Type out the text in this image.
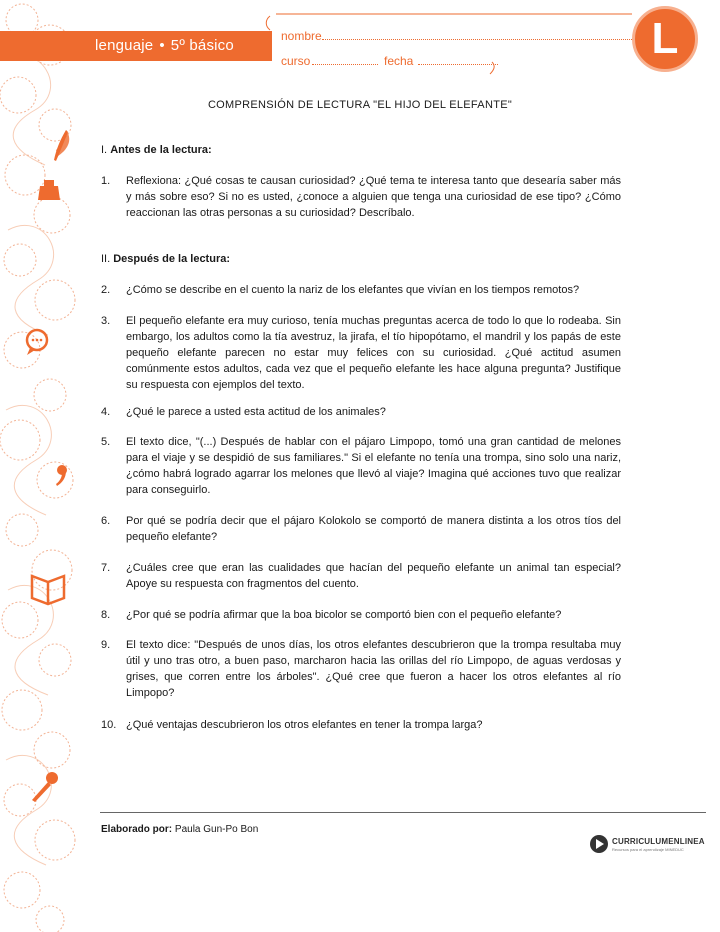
lenguaje • 5º básico
nombre
curso	fecha	L
COMPRENSIÓN DE LECTURA "EL HIJO DEL ELEFANTE"
I. Antes de la lectura:
1. Reflexiona: ¿Qué cosas te causan curiosidad? ¿Qué tema te interesa tanto que desearía saber más y más sobre eso? Si no es usted, ¿conoce a alguien que tenga una curiosidad de ese tipo? ¿Cómo reaccionan las otras personas a su curiosidad? Descríbalo.
II. Después de la lectura:
2. ¿Cómo se describe en el cuento la nariz de los elefantes que vivían en los tiempos remotos?
3. El pequeño elefante era muy curioso, tenía muchas preguntas acerca de todo lo que lo rodeaba. Sin embargo, los adultos como la tía avestruz, la jirafa, el tío hipopótamo, el mandril y los papás de este pequeño elefante parecen no estar muy felices con su curiosidad. ¿Qué actitud asumen comúnmente estos adultos, cada vez que el pequeño elefante les hace alguna pregunta? Justifique su respuesta con ejemplos del texto.
4. ¿Qué le parece a usted esta actitud de los animales?
5. El texto dice, "(...) Después de hablar con el pájaro Limpopo, tomó una gran cantidad de melones para el viaje y se despidió de sus familiares." Si el elefante no tenía una trompa, sino solo una nariz, ¿cómo habrá logrado agarrar los melones que llevó al viaje? Imagina qué acciones tuvo que realizar para conseguirlo.
6. Por qué se podría decir que el pájaro Kolokolo se comportó de manera distinta a los otros tíos del pequeño elefante?
7. ¿Cuáles cree que eran las cualidades que hacían del pequeño elefante un animal tan especial? Apoye su respuesta con fragmentos del cuento.
8. ¿Por qué se podría afirmar que la boa bicolor se comportó bien con el pequeño elefante?
9. El texto dice: "Después de unos días, los otros elefantes descubrieron que la trompa resultaba muy útil y uno tras otro, a buen paso, marcharon hacia las orillas del río Limpopo, de aguas verdosas y grises, que corren entre los árboles". ¿Qué cree que fueron a hacer los otros elefantes al río Limpopo?
10. ¿Qué ventajas descubrieron los otros elefantes en tener la trompa larga?
Elaborado por: Paula Gun-Po Bon
CURRICULUMENLINEA
Recursos para el aprendizaje MINEDUC
